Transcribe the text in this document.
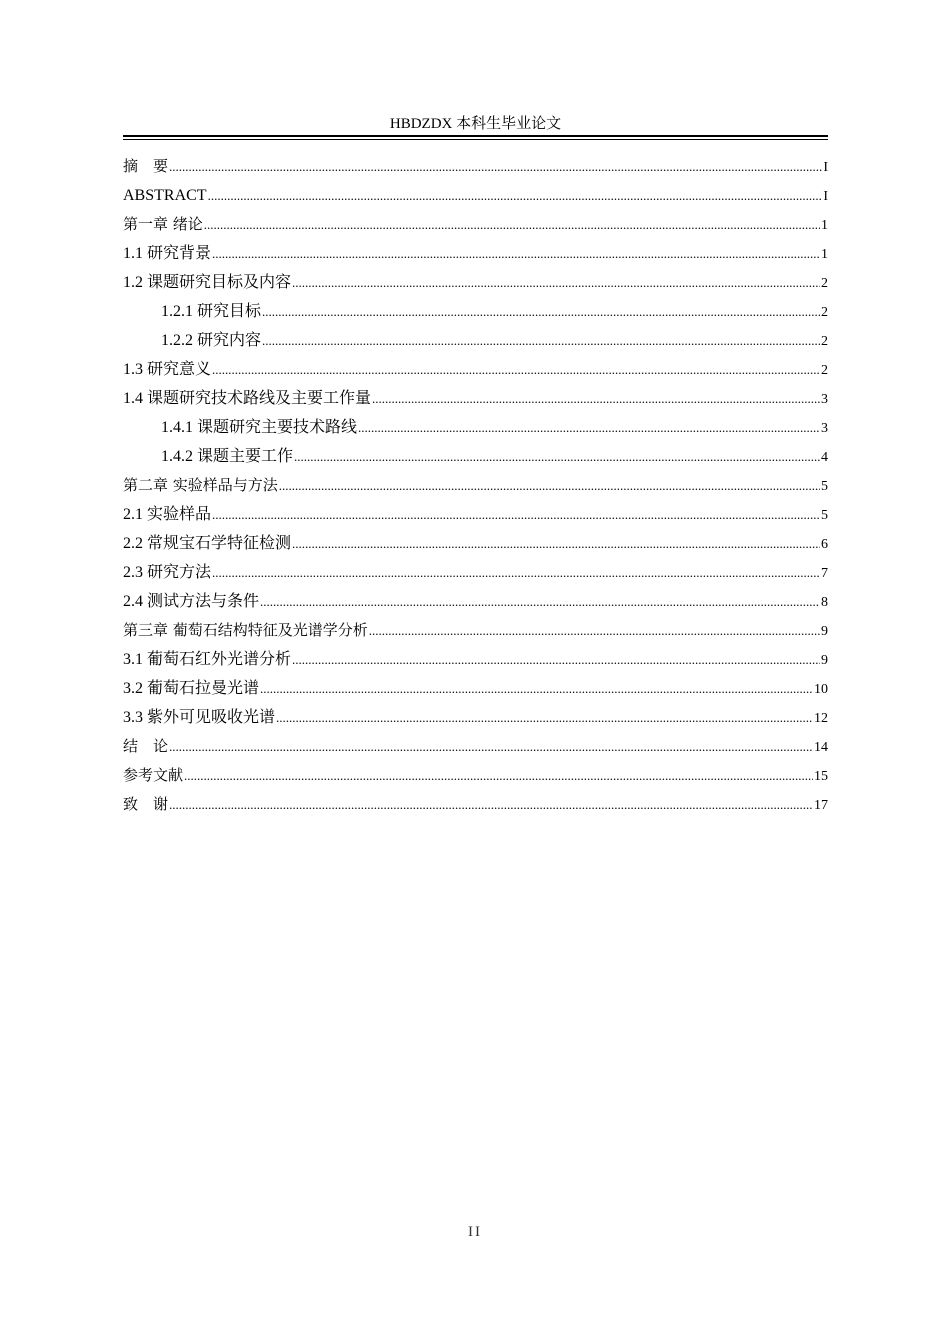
HBDZDX 本科生毕业论文
摘　要 .....	I
ABSTRACT .....	I
第一章 绪论 .....	1
1.1 研究背景 .....	1
1.2 课题研究目标及内容 .....	2
1.2.1 研究目标 .....	2
1.2.2 研究内容 .....	2
1.3 研究意义 .....	2
1.4 课题研究技术路线及主要工作量 .....	3
1.4.1 课题研究主要技术路线 .....	3
1.4.2 课题主要工作 .....	4
第二章 实验样品与方法 .....	5
2.1 实验样品 .....	5
2.2 常规宝石学特征检测 .....	6
2.3 研究方法 .....	7
2.4 测试方法与条件 .....	8
第三章 葡萄石结构特征及光谱学分析 .....	9
3.1 葡萄石红外光谱分析 .....	9
3.2 葡萄石拉曼光谱 .....	10
3.3 紫外可见吸收光谱 .....	12
结　论 .....	14
参考文献 .....	15
致　谢 .....	17
II
